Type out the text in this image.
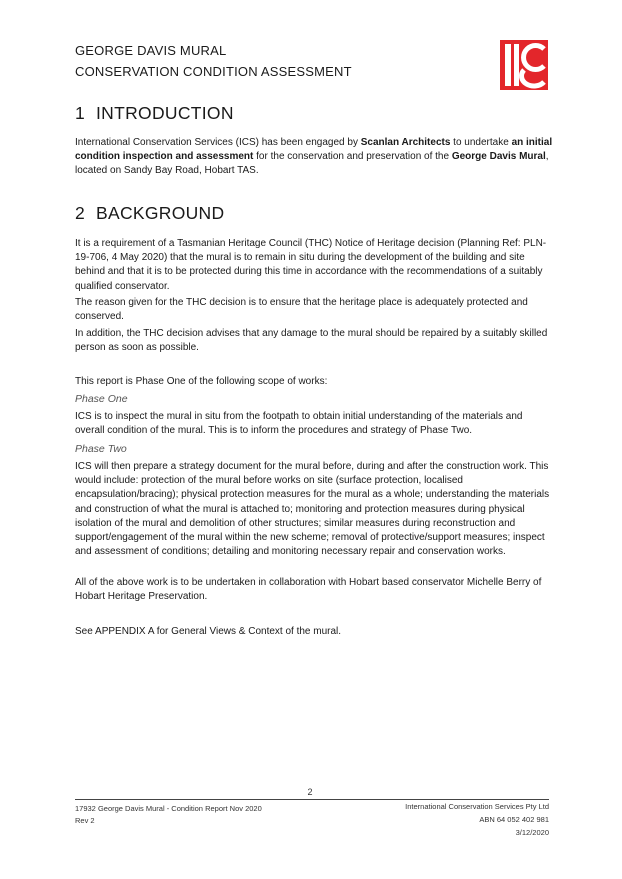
GEORGE DAVIS MURAL
CONSERVATION CONDITION ASSESSMENT
1 INTRODUCTION
International Conservation Services (ICS) has been engaged by Scanlan Architects to undertake an initial condition inspection and assessment for the conservation and preservation of the George Davis Mural, located on Sandy Bay Road, Hobart TAS.
2 BACKGROUND
It is a requirement of a Tasmanian Heritage Council (THC) Notice of Heritage decision (Planning Ref: PLN-19-706, 4 May 2020) that the mural is to remain in situ during the development of the building and site behind and that it is to be protected during this time in accordance with the recommendations of a suitably qualified conservator.
The reason given for the THC decision is to ensure that the heritage place is adequately protected and conserved.
In addition, the THC decision advises that any damage to the mural should be repaired by a suitably skilled person as soon as possible.
This report is Phase One of the following scope of works:
Phase One
ICS is to inspect the mural in situ from the footpath to obtain initial understanding of the materials and overall condition of the mural. This is to inform the procedures and strategy of Phase Two.
Phase Two
ICS will then prepare a strategy document for the mural before, during and after the construction work. This would include: protection of the mural before works on site (surface protection, localised encapsulation/bracing); physical protection measures for the mural as a whole; understanding the materials and construction of what the mural is attached to; monitoring and protection measures during physical isolation of the mural and demolition of other structures; similar measures during reconstruction and support/engagement of the mural within the new scheme; removal of protective/support measures; inspect and assessment of conditions; detailing and monitoring necessary repair and conservation works.
All of the above work is to be undertaken in collaboration with Hobart based conservator Michelle Berry of Hobart Heritage Preservation.
See APPENDIX A for General Views & Context of the mural.
2
17932 George Davis Mural - Condition Report Nov 2020
Rev 2
International Conservation Services Pty Ltd
ABN 64 052 402 981
3/12/2020
